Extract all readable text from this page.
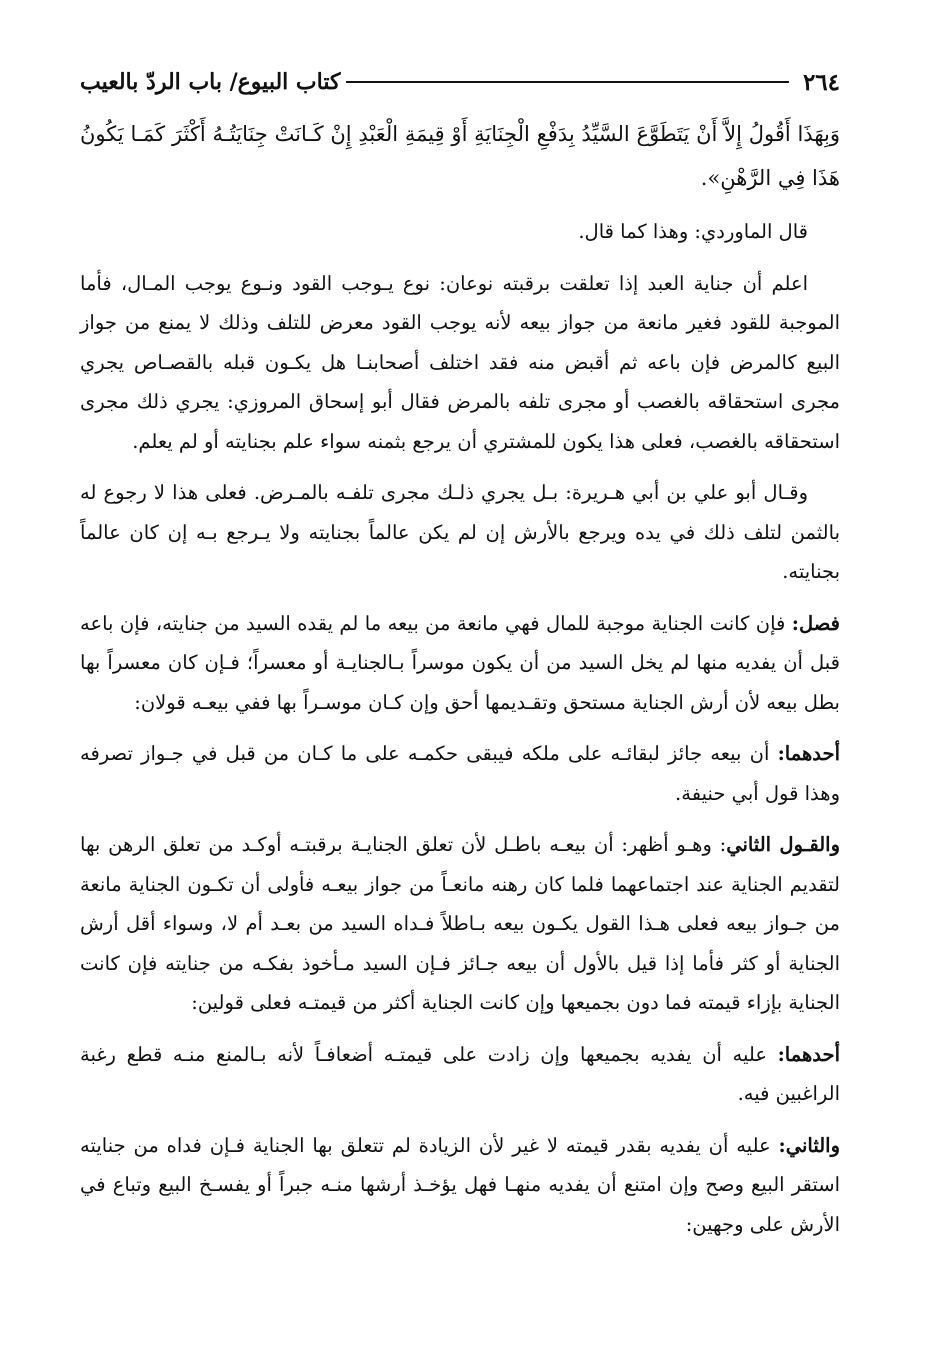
٢٦٤
كتاب البيوع/ باب الردّ بالعيب

وَبِهَذَا أَقُولُ إِلاَّ أَنْ يَتَطَوَّعَ السَّيِّدُ بِدَفْعِ الْجِنَايَةِ أَوْ قِيمَةِ الْعَبْدِ إِنْ كَـانَتْ جِنَايَتُـهُ أَكْثَرَ كَمَـا يَكُونُ هَذَا فِي الرَّهْنِ».

قال الماوردي: وهذا كما قال.

اعلم أن جناية العبد إذا تعلقت برقبته نوعان: نوع يـوجب القود ونـوع يوجب المـال، فأما الموجبة للقود فغير مانعة من جواز بيعه لأنه يوجب القود معرض للتلف وذلك لا يمنع من جواز البيع كالمرض فإن باعه ثم أقبض منه فقد اختلف أصحابنـا هل يكـون قبله بالقصـاص يجري مجرى استحقاقه بالغصب أو مجرى تلفه بالمرض فقال أبو إسحاق المروزي: يجري ذلك مجرى استحقاقه بالغصب، فعلى هذا يكون للمشتري أن يرجع بثمنه سواء علم بجنايته أو لم يعلم.

وقـال أبو علي بن أبي هـريرة: بـل يجري ذلـك مجرى تلفـه بالمـرض. فعلى هذا لا رجوع له بالثمن لتلف ذلك في يده ويرجع بالأرش إن لم يكن عالماً بجنايته ولا يـرجع بـه إن كان عالماً بجنايته.

فصل: فإن كانت الجناية موجبة للمال فهي مانعة من بيعه ما لم يقده السيد من جنايته، فإن باعه قبل أن يفديه منها لم يخل السيد من أن يكون موسراً بـالجنايـة أو معسراً؛ فـإن كان معسراً بها بطل بيعه لأن أرش الجناية مستحق وتقـديمها أحق وإن كـان موسـراً بها ففي بيعـه قولان:

أحدهما: أن بيعه جائز لبقائـه على ملكه فيبقى حكمـه على ما كـان من قبل في جـواز تصرفه وهذا قول أبي حنيفة.

والقـول الثاني: وهـو أظهر: أن بيعـه باطـل لأن تعلق الجنايـة برقبتـه أوكـد من تعلق الرهن بها لتقديم الجناية عند اجتماعهما فلما كان رهنه مانعـاً من جواز بيعـه فأولى أن تكـون الجناية مانعة من جـواز بيعه فعلى هـذا القول يكـون بيعه بـاطلاً فـداه السيد من بعـد أم لا، وسواء أقل أرش الجناية أو كثر فأما إذا قيل بالأول أن بيعه جـائز فـإن السيد مـأخوذ بفكـه من جنايته فإن كانت الجناية بإزاء قيمته فما دون بجميعها وإن كانت الجناية أكثر من قيمتـه فعلى قولين:

أحدهما: عليه أن يفديه بجميعها وإن زادت على قيمتـه أضعافـاً لأنه بـالمنع منـه قطع رغبة الراغبين فيه.

والثاني: عليه أن يفديه بقدر قيمته لا غير لأن الزيادة لم تتعلق بها الجناية فـإن فداه من جنايته استقر البيع وصح وإن امتنع أن يفديه منهـا فهل يؤخـذ أرشها منـه جبراً أو يفسـخ البيع وتباع في الأرش على وجهين:
